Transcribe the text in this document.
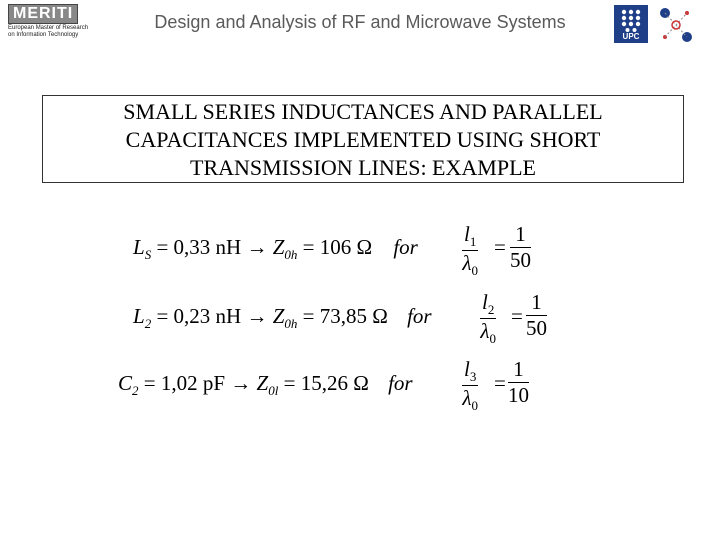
MERITI
European Master of Research
on Information Technology
Design and Analysis of RF and Microwave Systems
UPC
SMALL SERIES INDUCTANCES AND PARALLEL
CAPACITANCES IMPLEMENTED USING SHORT
TRANSMISSION LINES: EXAMPLE
$L_S = 0,33$ nH → $Z_{0h} = 106$ Ω for $\frac{l_1}{\lambda_0} = \frac{1}{50}$
$L_2 = 0,23$ nH → $Z_{0h} = 73,85$ Ω for $\frac{l_2}{\lambda_0} = \frac{1}{50}$
$C_2 = 1,02$ pF → $Z_{0l} = 15,26$ Ω for $\frac{l_3}{\lambda_0} = \frac{1}{10}$
